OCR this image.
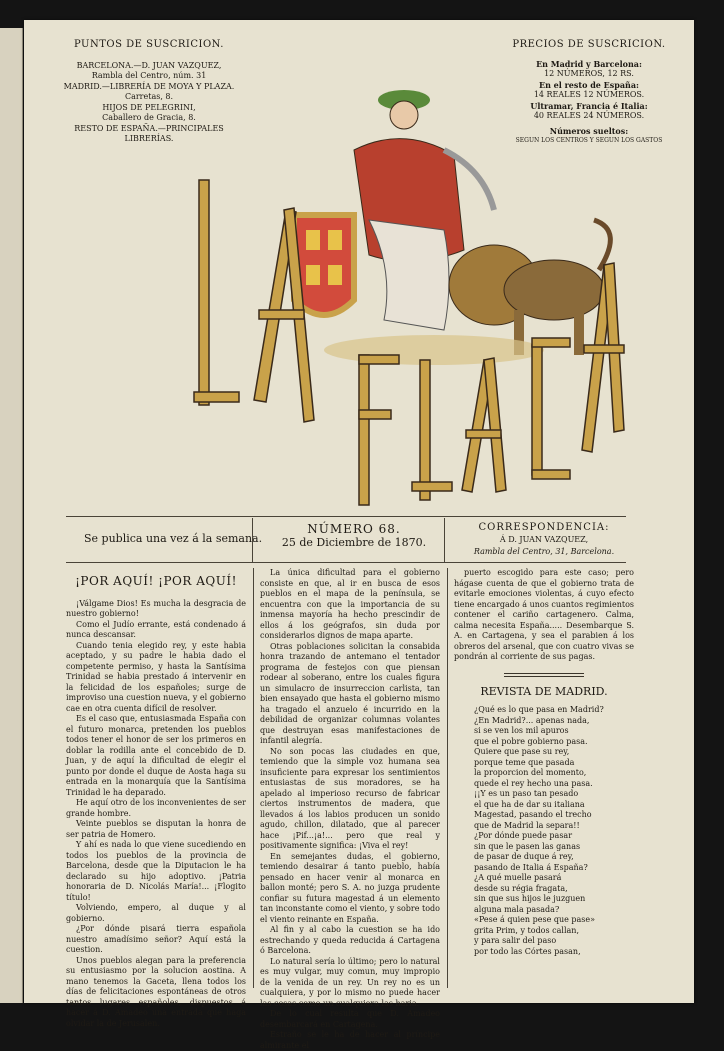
PUNTOS DE SUSCRICION.
BARCELONA.—D. JUAN VAZQUEZ,
Rambla del Centro, núm. 31
MADRID.—LIBRERÍA DE MOYA Y PLAZA.
Carretas, 8.
HIJOS DE PELEGRINI,
Caballero de Gracia, 8.
RESTO DE ESPAÑA.—PRINCIPALES
LIBRERÍAS.
PRECIOS DE SUSCRICION.
En Madrid y Barcelona:
12 NÚMEROS, 12 RS.
En el resto de España:
14 REALES 12 NÚMEROS.
Ultramar, Francia é Italia:
40 REALES 24 NÚMEROS.
Números sueltos:
SEGUN LOS CENTROS Y SEGUN LOS GASTOS
LA FLACA
Se publica una vez á la semana.
NÚMERO 68.
25 de Diciembre de 1870.
CORRESPONDENCIA:
Á D. JUAN VAZQUEZ,
Rambla del Centro, 31, Barcelona.
¡POR AQUÍ! ¡POR AQUÍ!

¡Válgame Dios! Es mucha la desgracia de nuestro gobierno!

Como el Judío errante, está condenado á nunca descansar.

Cuando tenia elegido rey, y este habia aceptado, y su padre le habia dado el competente permiso, y hasta la Santísima Trinidad se habia prestado á intervenir en la felicidad de los españoles; surge de improviso una cuestion nueva, y el gobierno cae en otra cuenta difícil de resolver.

Es el caso que, entusiasmada España con el futuro monarca, pretenden los pueblos todos tener el honor de ser los primeros en doblar la rodilla ante el concebido de D. Juan, y de aquí la dificultad de elegir el punto por donde el duque de Aosta haga su entrada en la monarquía que la Santísima Trinidad le ha deparado.

He aquí otro de los inconvenientes de ser grande hombre.

Veinte pueblos se disputan la honra de ser patria de Homero.

Y ahí es nada lo que viene sucediendo en todos los pueblos de la provincia de Barcelona, desde que la Diputacion le ha declarado su hijo adoptivo. ¡Patria honoraria de D. Nicolás María!... ¡Flogito título!

Volviendo, empero, al duque y al gobierno.

¿Por dónde pisará tierra española nuestro amadísimo señor? Aquí está la cuestion.

Unos pueblos alegan para la preferencia su entusiasmo por la solucion aostina. A mano tenemos la Gaceta, llena todos los días de felicitaciones espontáneas de otros tantos lugares españoles, dispuestos á hacer á D. Amadeo una entrada que haga olvidar la de Jerusalen.

La única dificultad para el gobierno consiste en que, al ir en busca de esos pueblos en el mapa de la península, se encuentra con que la importancia de su inmensa mayoría ha hecho prescindir de ellos á los geógrafos, sin duda por considerarlos dignos de mapa aparte.

Otras poblaciones solicitan la consabida honra trazando de antemano el tentador programa de festejos con que piensan rodear al soberano, entre los cuales figura un simulacro de insurreccion carlista, tan bien ensayado que hasta el gobierno mismo ha tragado el anzuelo é incurrido en la debilidad de organizar columnas volantes que destruyan esas manifestaciones de infantil alegría.

No son pocas las ciudades en que, temiendo que la simple voz humana sea insuficiente para expresar los sentimientos entusiastas de sus moradores, se ha apelado al imperioso recurso de fabricar ciertos instrumentos de madera, que llevados á los labios producen un sonido agudo, chillon, dilatado, que al parecer hace ¡Pif...¡a!... pero que real y positivamente significa: ¡Viva el rey!

En semejantes dudas, el gobierno, temiendo desairar á tanto pueblo, había pensado en hacer venir al monarca en ballon monté; pero S. A. no juzga prudente confiar su futura magestad á un elemento tan inconstante como el viento, y sobre todo el viento reinante en España.

Al fin y al cabo la cuestion se ha ido estrechando y queda reducida á Cartagena ó Barcelona.

Lo natural sería lo último; pero lo natural es muy vulgar, muy comun, muy impropio de la venida de un rey. Un rey no es un cualquiera, y por lo mismo no puede hacer las cosas como un cualquiera las haria.

De lo cual resulta que D. Amadeo desembarcará en Cartagena.

Estraño se le ha de hacer al príncipe almirante el

puerto escogido para este caso; pero hágase cuenta de que el gobierno trata de evitarle emociones violentas, á cuyo efecto tiene encargado á unos cuantos regimientos contener el cariño cartagenero. Calma, calma necesita España..... Desembarque S. A. en Cartagena, y sea el parabien á los obreros del arsenal, que con cuatro vivas se pondrán al corriente de sus pagas.

REVISTA DE MADRID.

¿Qué es lo que pasa en Madrid?

¿En Madrid?... apenas nada,

si se ven los mil apuros

que el pobre gobierno pasa.

Quiere que pase su rey,

porque teme que pasada

la proporcion del momento,

quede el rey hecho una pasa.

¡¡Y es un paso tan pesado

el que ha de dar su italiana

Magestad, pasando el trecho

que de Madrid la separa!!

¿Por dónde puede pasar

sin que le pasen las ganas

de pasar de duque á rey,

pasando de Italia á España?

¿A qué muelle pasará

desde su régia fragata,

sin que sus hijos le juzguen

alguna mala pasada?

«Pese á quien pese que pase»

grita Prim, y todos callan,

y para salir del paso

por todo las Córtes pasan,
